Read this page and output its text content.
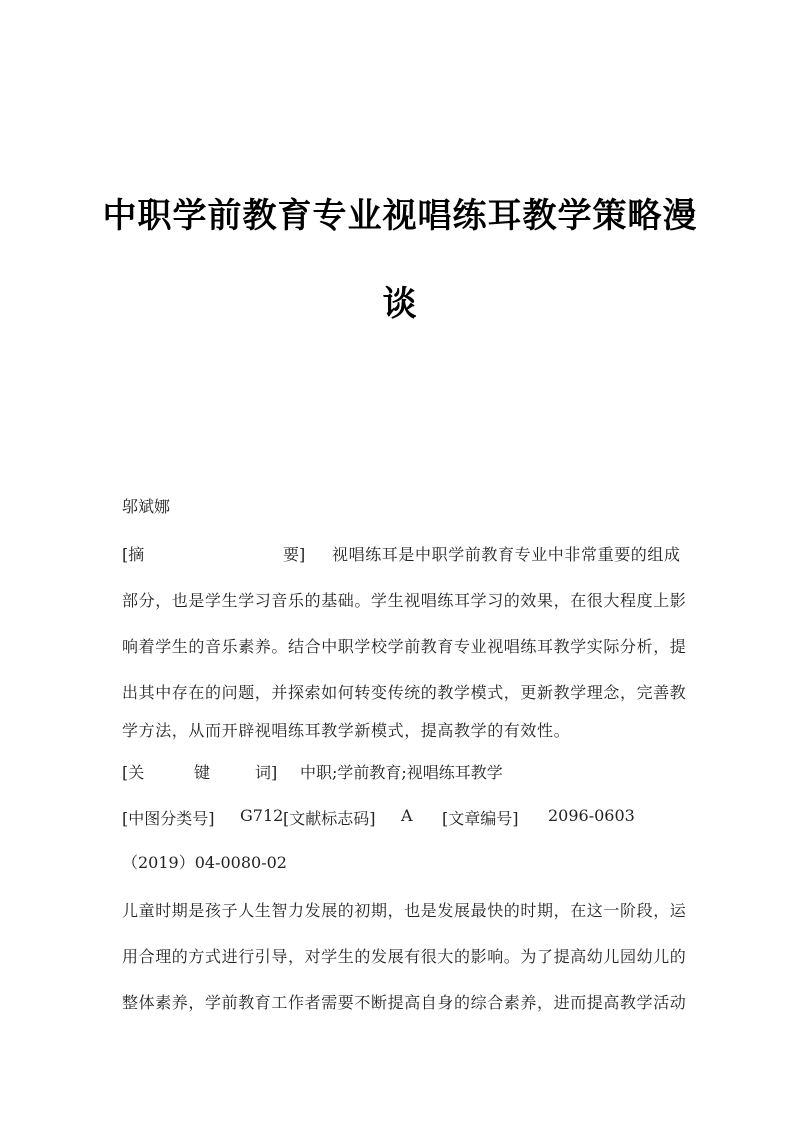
中职学前教育专业视唱练耳教学策略漫
谈
邬斌娜
[摘	要] 视唱练耳是中职学前教育专业中非常重要的组成
部分，也是学生学习音乐的基础。学生视唱练耳学习的效果，在很大程度上影
响着学生的音乐素养。结合中职学校学前教育专业视唱练耳教学实际分析，提
出其中存在的问题，并探索如何转变传统的教学模式，更新教学理念，完善教
学方法，从而开辟视唱练耳教学新模式，提高教学的有效性。
[关	键	词] 中职;学前教育;视唱练耳教学
[中图分类号] G712 [文献标志码] A [文章编号] 2096-0603
（2019）04-0080-02
儿童时期是孩子人生智力发展的初期，也是发展最快的时期，在这一阶段，运
用合理的方式进行引导，对学生的发展有很大的影响。为了提高幼儿园幼儿的
整体素养，学前教育工作者需要不断提高自身的综合素养，进而提高教学活动
